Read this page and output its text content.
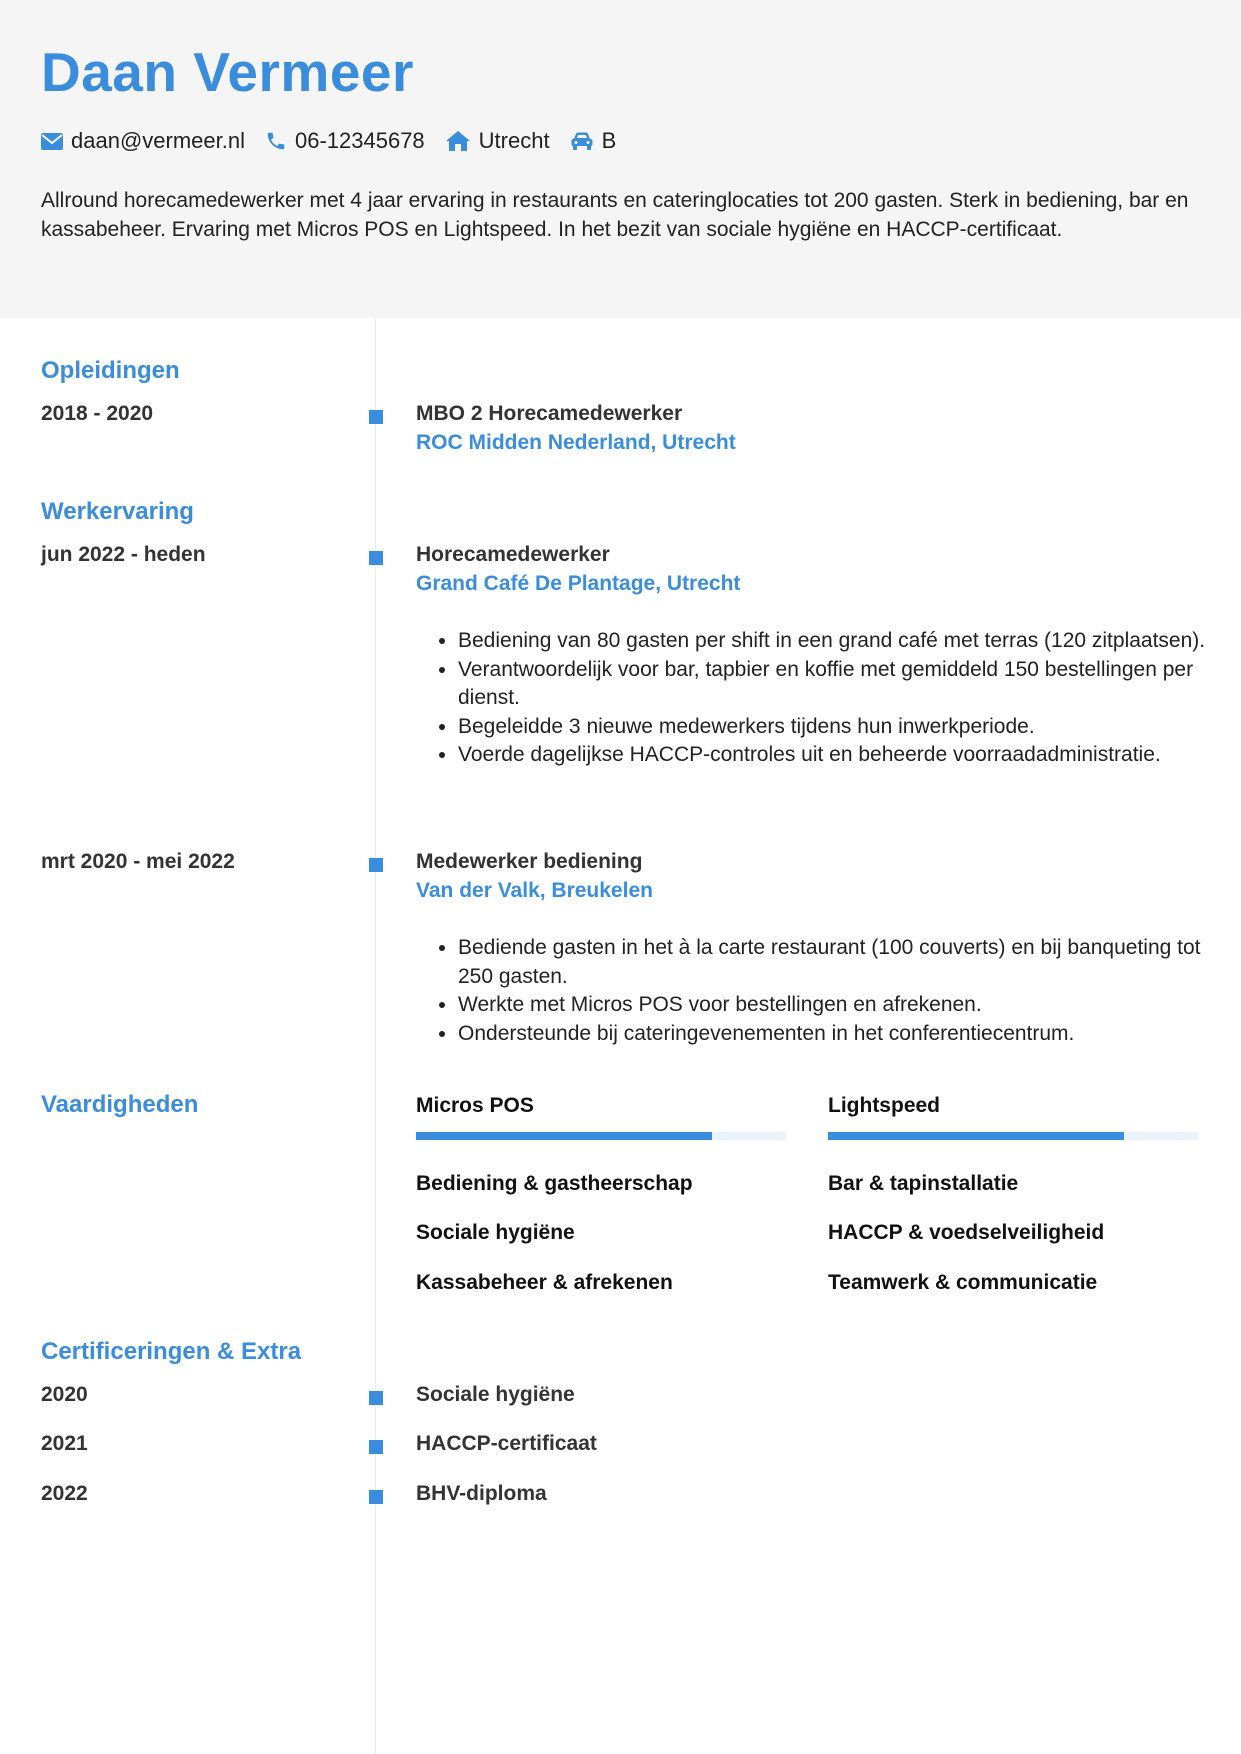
Daan Vermeer
daan@vermeer.nl 06-12345678 Utrecht B

Allround horecamedewerker met 4 jaar ervaring in restaurants en cateringlocaties tot 200 gasten. Sterk in bediening, bar en kassabeheer. Ervaring met Micros POS en Lightspeed. In het bezit van sociale hygiëne en HACCP-certificaat.

Opleidingen
2018 - 2020	MBO 2 Horecamedewerker
ROC Midden Nederland, Utrecht
Werkervaring
jun 2022 - heden	Horecamedewerker
Grand Café De Plantage, Utrecht
• Bediening van 80 gasten per shift in een grand café met terras (120 zitplaatsen).
• Verantwoordelijk voor bar, tapbier en koffie met gemiddeld 150 bestellingen per dienst.
• Begeleidde 3 nieuwe medewerkers tijdens hun inwerkperiode.
• Voerde dagelijkse HACCP-controles uit en beheerde voorraadadministratie.
mrt 2020 - mei 2022	Medewerker bediening
Van der Valk, Breukelen
• Bediende gasten in het à la carte restaurant (100 couverts) en bij banqueting tot 250 gasten.
• Werkte met Micros POS voor bestellingen en afrekenen.
• Ondersteunde bij cateringevenementen in het conferentiecentrum.
Vaardigheden	Micros POS	Lightspeed
Bediening & gastheerschap	Bar & tapinstallatie
Sociale hygiëne	HACCP & voedselveiligheid
Kassabeheer & afrekenen	Teamwerk & communicatie
Certificeringen & Extra
2020	Sociale hygiëne
2021	HACCP-certificaat
2022	BHV-diploma
